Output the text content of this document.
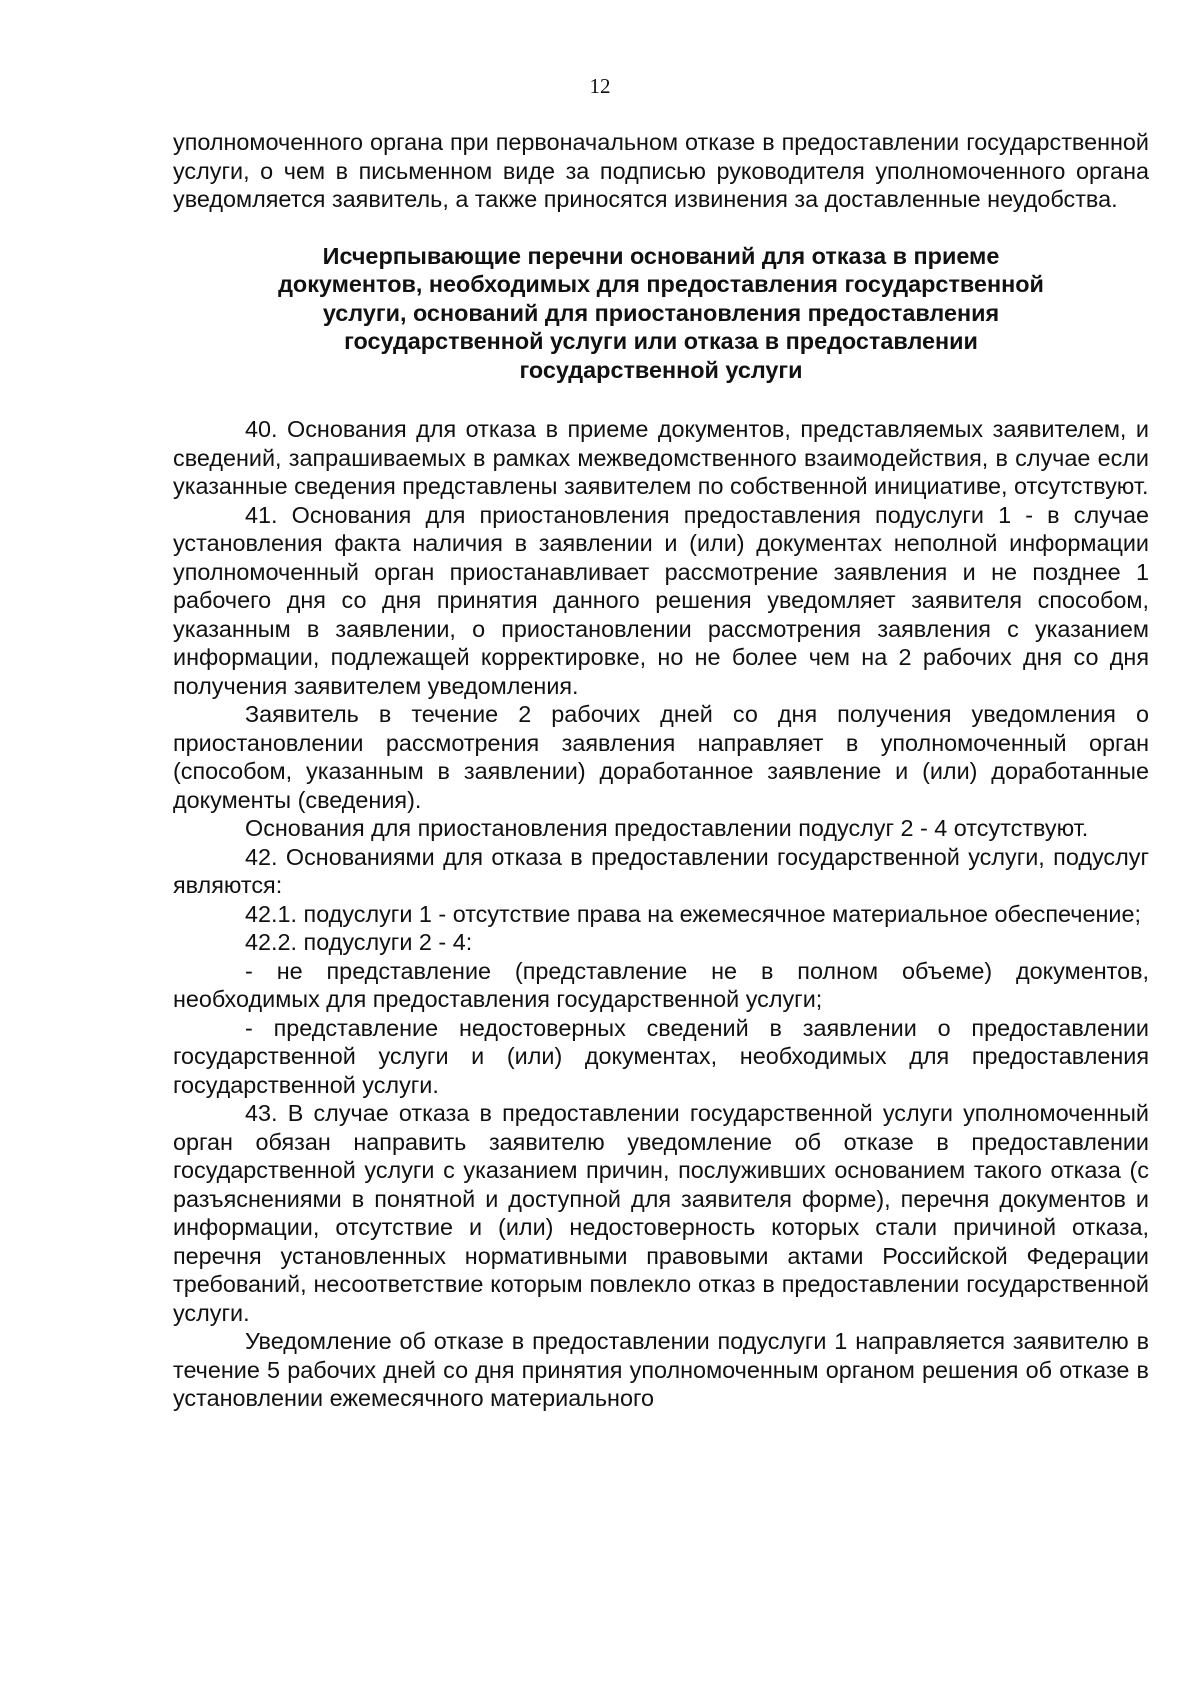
12

уполномоченного органа при первоначальном отказе в предоставлении государственной услуги, о чем в письменном виде за подписью руководителя уполномоченного органа уведомляется заявитель, а также приносятся извинения за доставленные неудобства.

Исчерпывающие перечни оснований для отказа в приеме
документов, необходимых для предоставления государственной
услуги, оснований для приостановления предоставления
государственной услуги или отказа в предоставлении
государственной услуги

40. Основания для отказа в приеме документов, представляемых заявителем, и сведений, запрашиваемых в рамках межведомственного взаимодействия, в случае если указанные сведения представлены заявителем по собственной инициативе, отсутствуют.

41. Основания для приостановления предоставления подуслуги 1 - в случае установления факта наличия в заявлении и (или) документах неполной информации уполномоченный орган приостанавливает рассмотрение заявления и не позднее 1 рабочего дня со дня принятия данного решения уведомляет заявителя способом, указанным в заявлении, о приостановлении рассмотрения заявления с указанием информации, подлежащей корректировке, но не более чем на 2 рабочих дня со дня получения заявителем уведомления.

Заявитель в течение 2 рабочих дней со дня получения уведомления о приостановлении рассмотрения заявления направляет в уполномоченный орган (способом, указанным в заявлении) доработанное заявление и (или) доработанные документы (сведения).

Основания для приостановления предоставлении подуслуг 2 - 4 отсутствуют.

42. Основаниями для отказа в предоставлении государственной услуги, подуслуг являются:

42.1. подуслуги 1 - отсутствие права на ежемесячное материальное обеспечение;

42.2. подуслуги 2 - 4:

- не представление (представление не в полном объеме) документов, необходимых для предоставления государственной услуги;

- представление недостоверных сведений в заявлении о предоставлении государственной услуги и (или) документах, необходимых для предоставления государственной услуги.

43. В случае отказа в предоставлении государственной услуги уполномоченный орган обязан направить заявителю уведомление об отказе в предоставлении государственной услуги с указанием причин, послуживших основанием такого отказа (с разъяснениями в понятной и доступной для заявителя форме), перечня документов и информации, отсутствие и (или) недостоверность которых стали причиной отказа, перечня установленных нормативными правовыми актами Российской Федерации требований, несоответствие которым повлекло отказ в предоставлении государственной услуги.

Уведомление об отказе в предоставлении подуслуги 1 направляется заявителю в течение 5 рабочих дней со дня принятия уполномоченным органом решения об отказе в установлении ежемесячного материального
